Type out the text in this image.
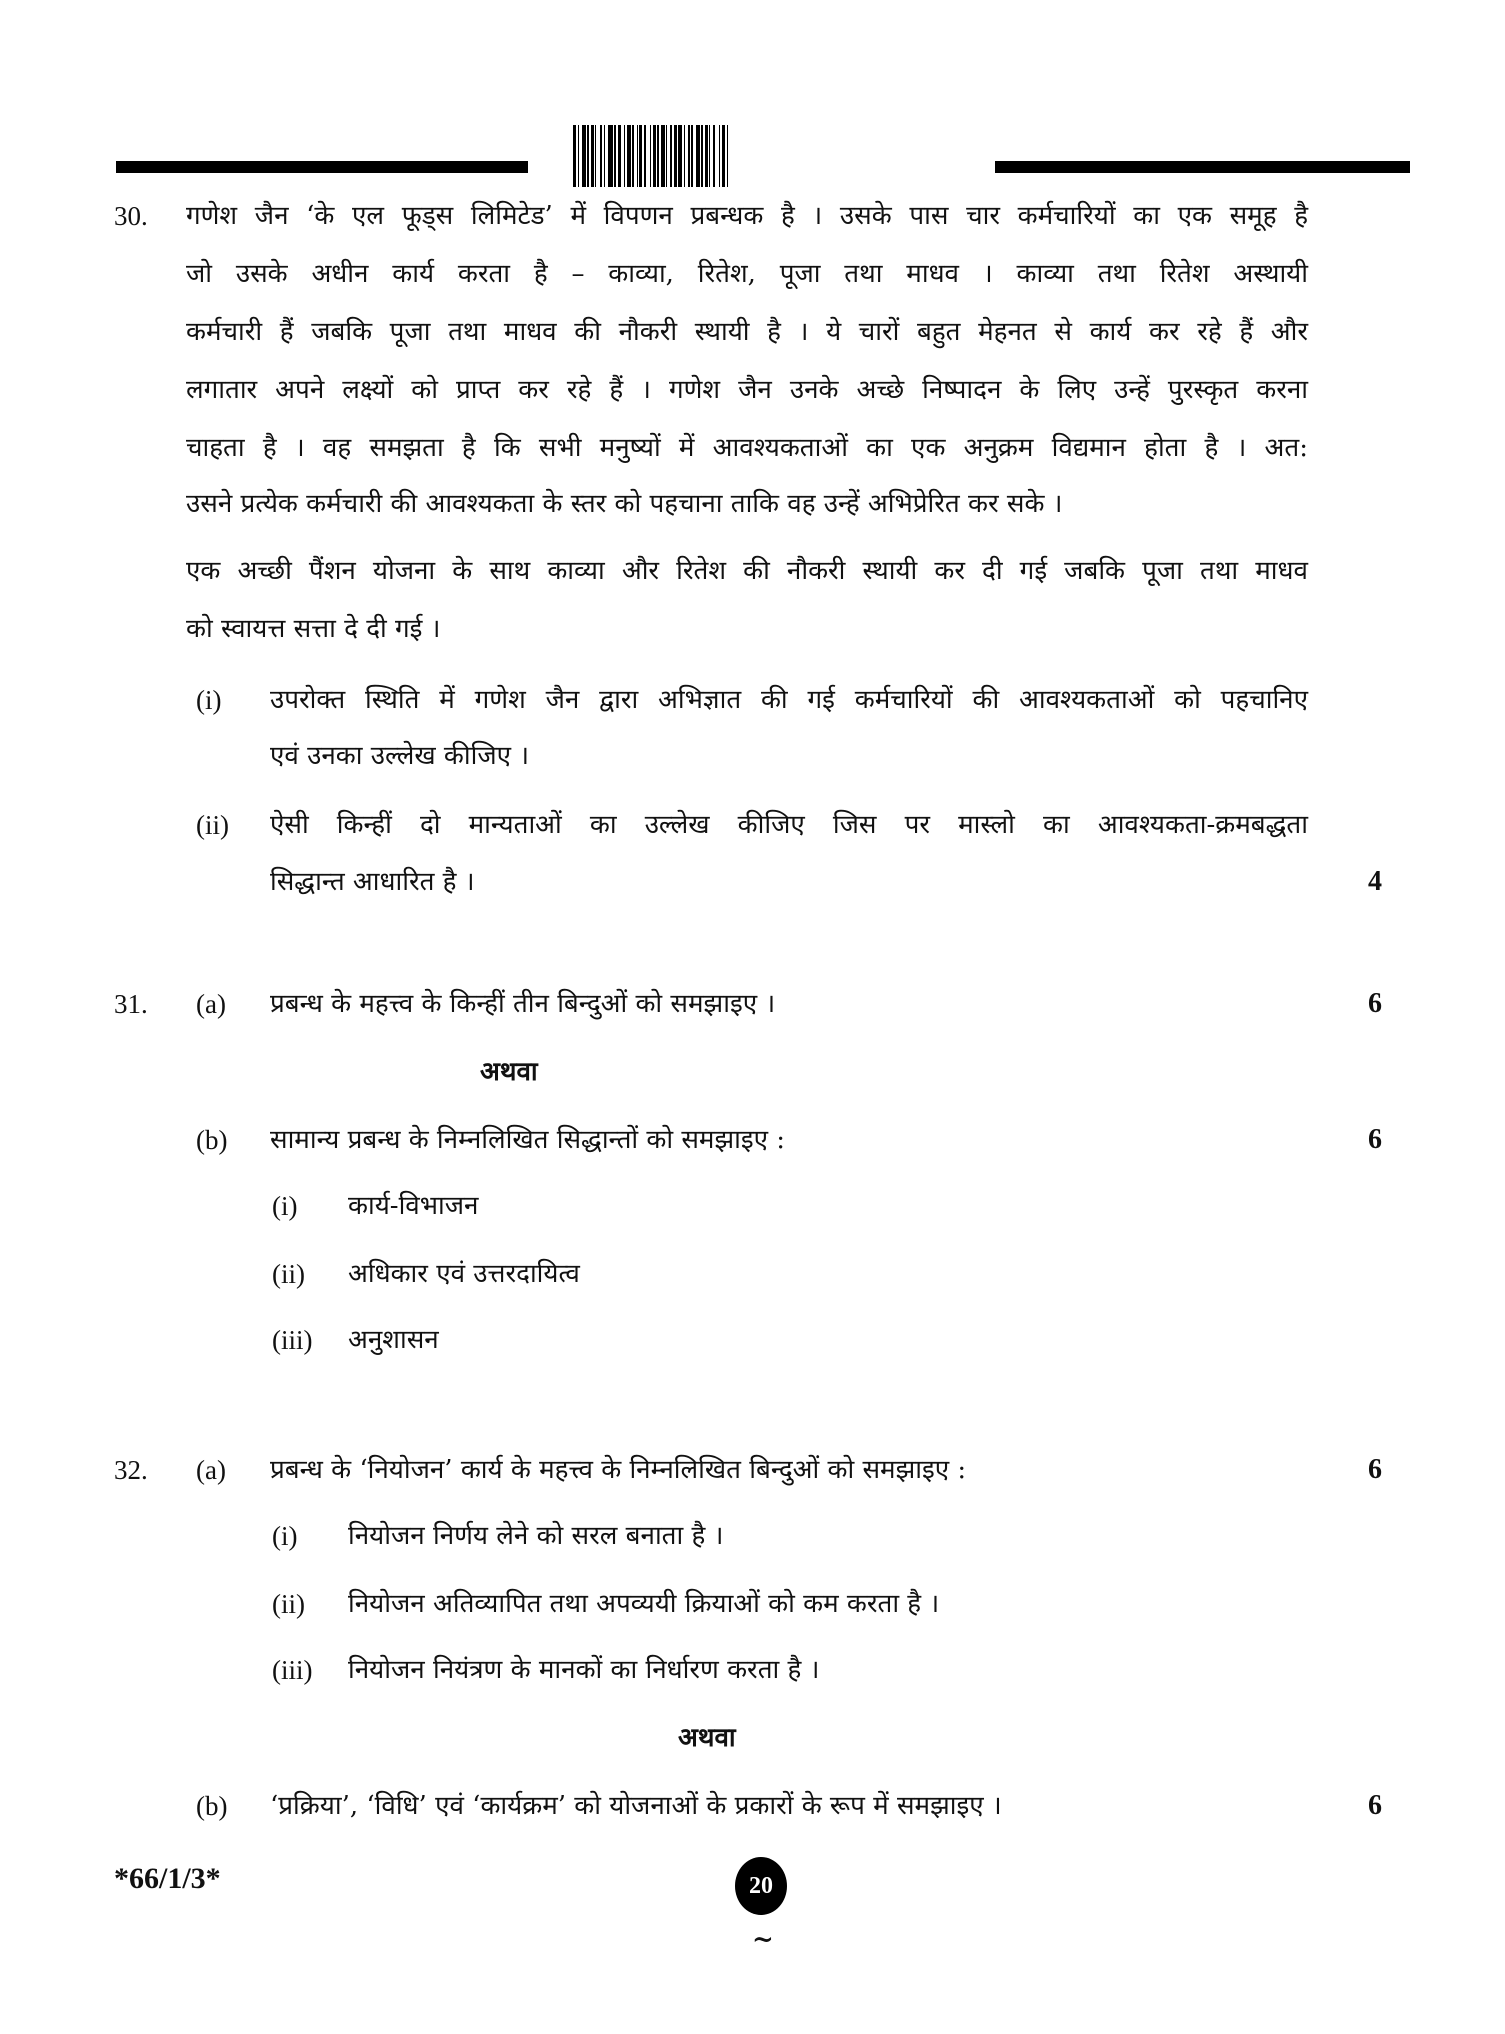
30. गणेश जैन ‘के एल फूड्स लिमिटेड’ में विपणन प्रबन्धक है । उसके पास चार कर्मचारियों का एक समूह है
जो उसके अधीन कार्य करता है – काव्या, रितेश, पूजा तथा माधव । काव्या तथा रितेश अस्थायी
कर्मचारी हैं जबकि पूजा तथा माधव की नौकरी स्थायी है । ये चारों बहुत मेहनत से कार्य कर रहे हैं और
लगातार अपने लक्ष्यों को प्राप्त कर रहे हैं । गणेश जैन उनके अच्छे निष्पादन के लिए उन्हें पुरस्कृत करना
चाहता है । वह समझता है कि सभी मनुष्यों में आवश्यकताओं का एक अनुक्रम विद्यमान होता है । अत:
उसने प्रत्येक कर्मचारी की आवश्यकता के स्तर को पहचाना ताकि वह उन्हें अभिप्रेरित कर सके ।
एक अच्छी पैंशन योजना के साथ काव्या और रितेश की नौकरी स्थायी कर दी गई जबकि पूजा तथा माधव
को स्वायत्त सत्ता दे दी गई ।
(i) उपरोक्त स्थिति में गणेश जैन द्वारा अभिज्ञात की गई कर्मचारियों की आवश्यकताओं को पहचानिए
एवं उनका उल्लेख कीजिए ।
(ii) ऐसी किन्हीं दो मान्यताओं का उल्लेख कीजिए जिस पर मास्लो का आवश्यकता-क्रमबद्धता
सिद्धान्त आधारित है ।	4
31. (a) प्रबन्ध के महत्त्व के किन्हीं तीन बिन्दुओं को समझाइए ।	6
अथवा
(b) सामान्य प्रबन्ध के निम्नलिखित सिद्धान्तों को समझाइए :	6
(i) कार्य-विभाजन
(ii) अधिकार एवं उत्तरदायित्व
(iii) अनुशासन
32. (a) प्रबन्ध के ‘नियोजन’ कार्य के महत्त्व के निम्नलिखित बिन्दुओं को समझाइए :	6
(i) नियोजन निर्णय लेने को सरल बनाता है ।
(ii) नियोजन अतिव्यापित तथा अपव्ययी क्रियाओं को कम करता है ।
(iii) नियोजन नियंत्रण के मानकों का निर्धारण करता है ।
अथवा
(b) ‘प्रक्रिया’, ‘विधि’ एवं ‘कार्यक्रम’ को योजनाओं के प्रकारों के रूप में समझाइए ।	6
*66/1/3*	20
~
